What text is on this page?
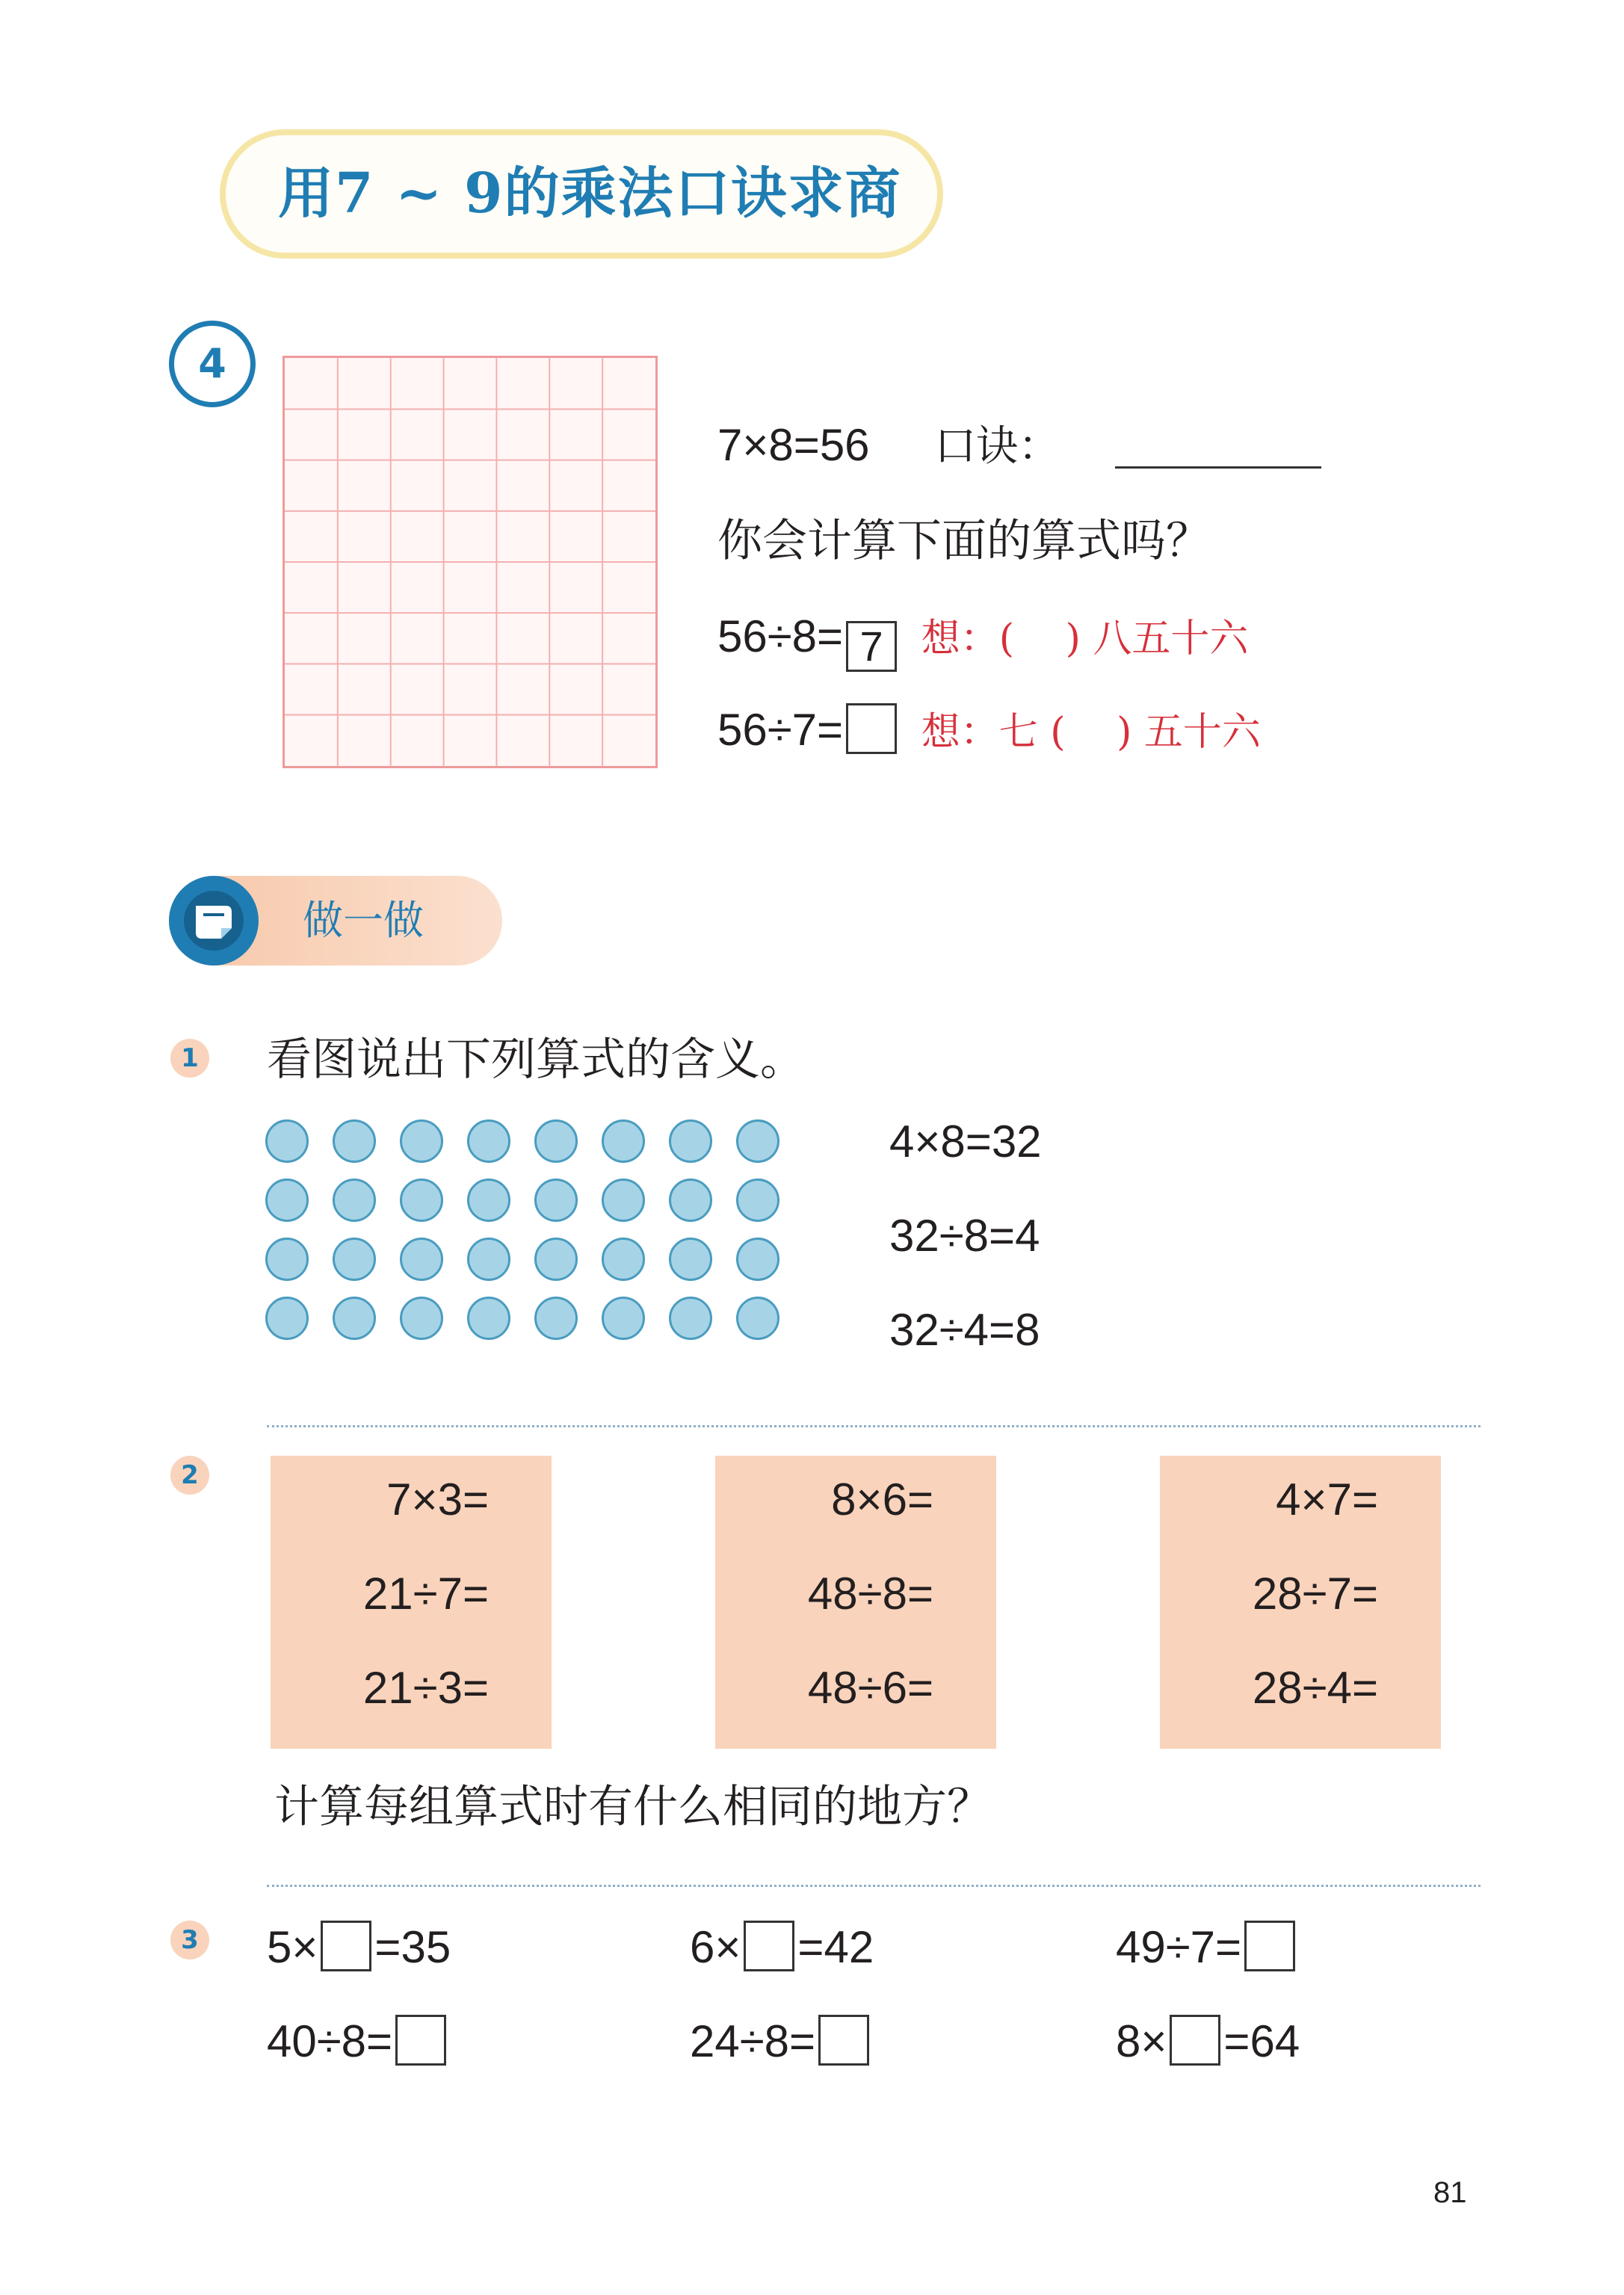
用7 ~ 9的乘法口诀求商
4
7×8=56 口诀：
你会计算下面的算式吗？
56÷8= 7 想：(　 ) 八五十六
56÷7= 想：七 (　 ) 五十六
做一做
1 看图说出下列算式的含义。
4×8=32
32÷8=4
32÷4=8
2	7×3=
21÷7=
21÷3=
8×6=
48÷8=
48÷6=
4×7=
28÷7=
28÷4=
计算每组算式时有什么相同的地方？
3 5× =35	6× =42	49÷7=
40÷8=	24÷8=	8× =64
81
